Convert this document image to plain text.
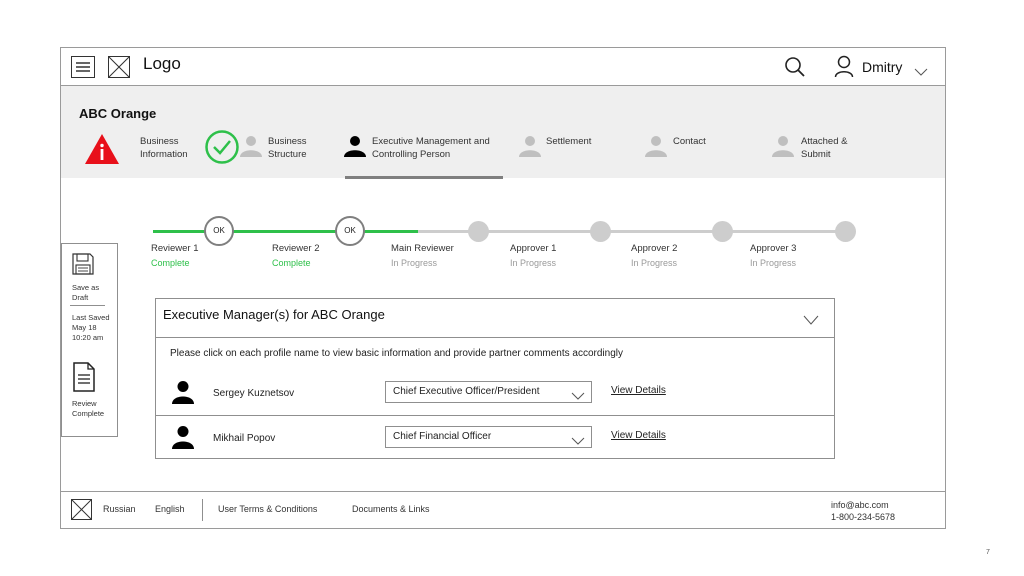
Logo	Dmitry
ABC Orange
Business
Information
Business
Structure
Executive Management and
Controlling Person
Settlement	Contact	Attached &
Submit
OK	OK
Reviewer 1
Complete
Reviewer 2
Complete
Main Reviewer
In Progress
Approver 1
In Progress
Approver 2
In Progress
Approver 3
In Progress
Save as
Draft
Last Saved
May 18
10:20 am
Review
Complete
Executive Manager(s) for ABC Orange
Please click on each profile name to view basic information and provide partner comments accordingly
Sergey Kuznetsov	Chief Executive Officer/President	View Details
Mikhail Popov	Chief Financial Officer	View Details
Russian English	User Terms & Conditions	Documents & Links	info@abc.com
1-800-234-5678
7
